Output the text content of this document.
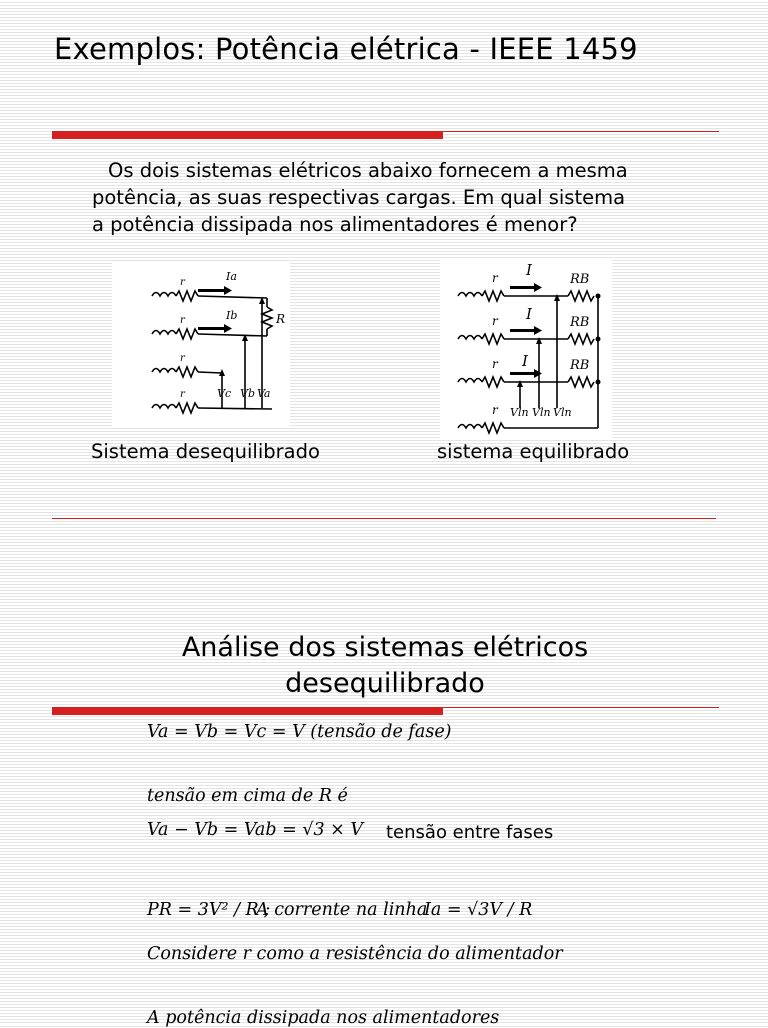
Exemplos: Potência elétrica - IEEE 1459

Os dois sistemas elétricos abaixo fornecem a mesma

potência, as suas respectivas cargas. Em qual sistema

a potência dissipada nos alimentadores é menor?

r
r
r
r
Ia
Ib	R
Vc Vb Va
r
r
r
r
I
I
I
RB
RB
RB
Vln Vln Vln
Sistema desequilibrado	sistema equilibrado
Análise dos sistemas elétricos
desequilibrado
Va = Vb = Vc = V (tensão de fase)
tensão em cima de R é
Va − Vb = Vab = √3 × V tensão entre fases
PR = 3V² / R ;
A corrente na linha
Ia = √3V / R
Considere r como a resistência do alimentador
A potência dissipada nos alimentadores
